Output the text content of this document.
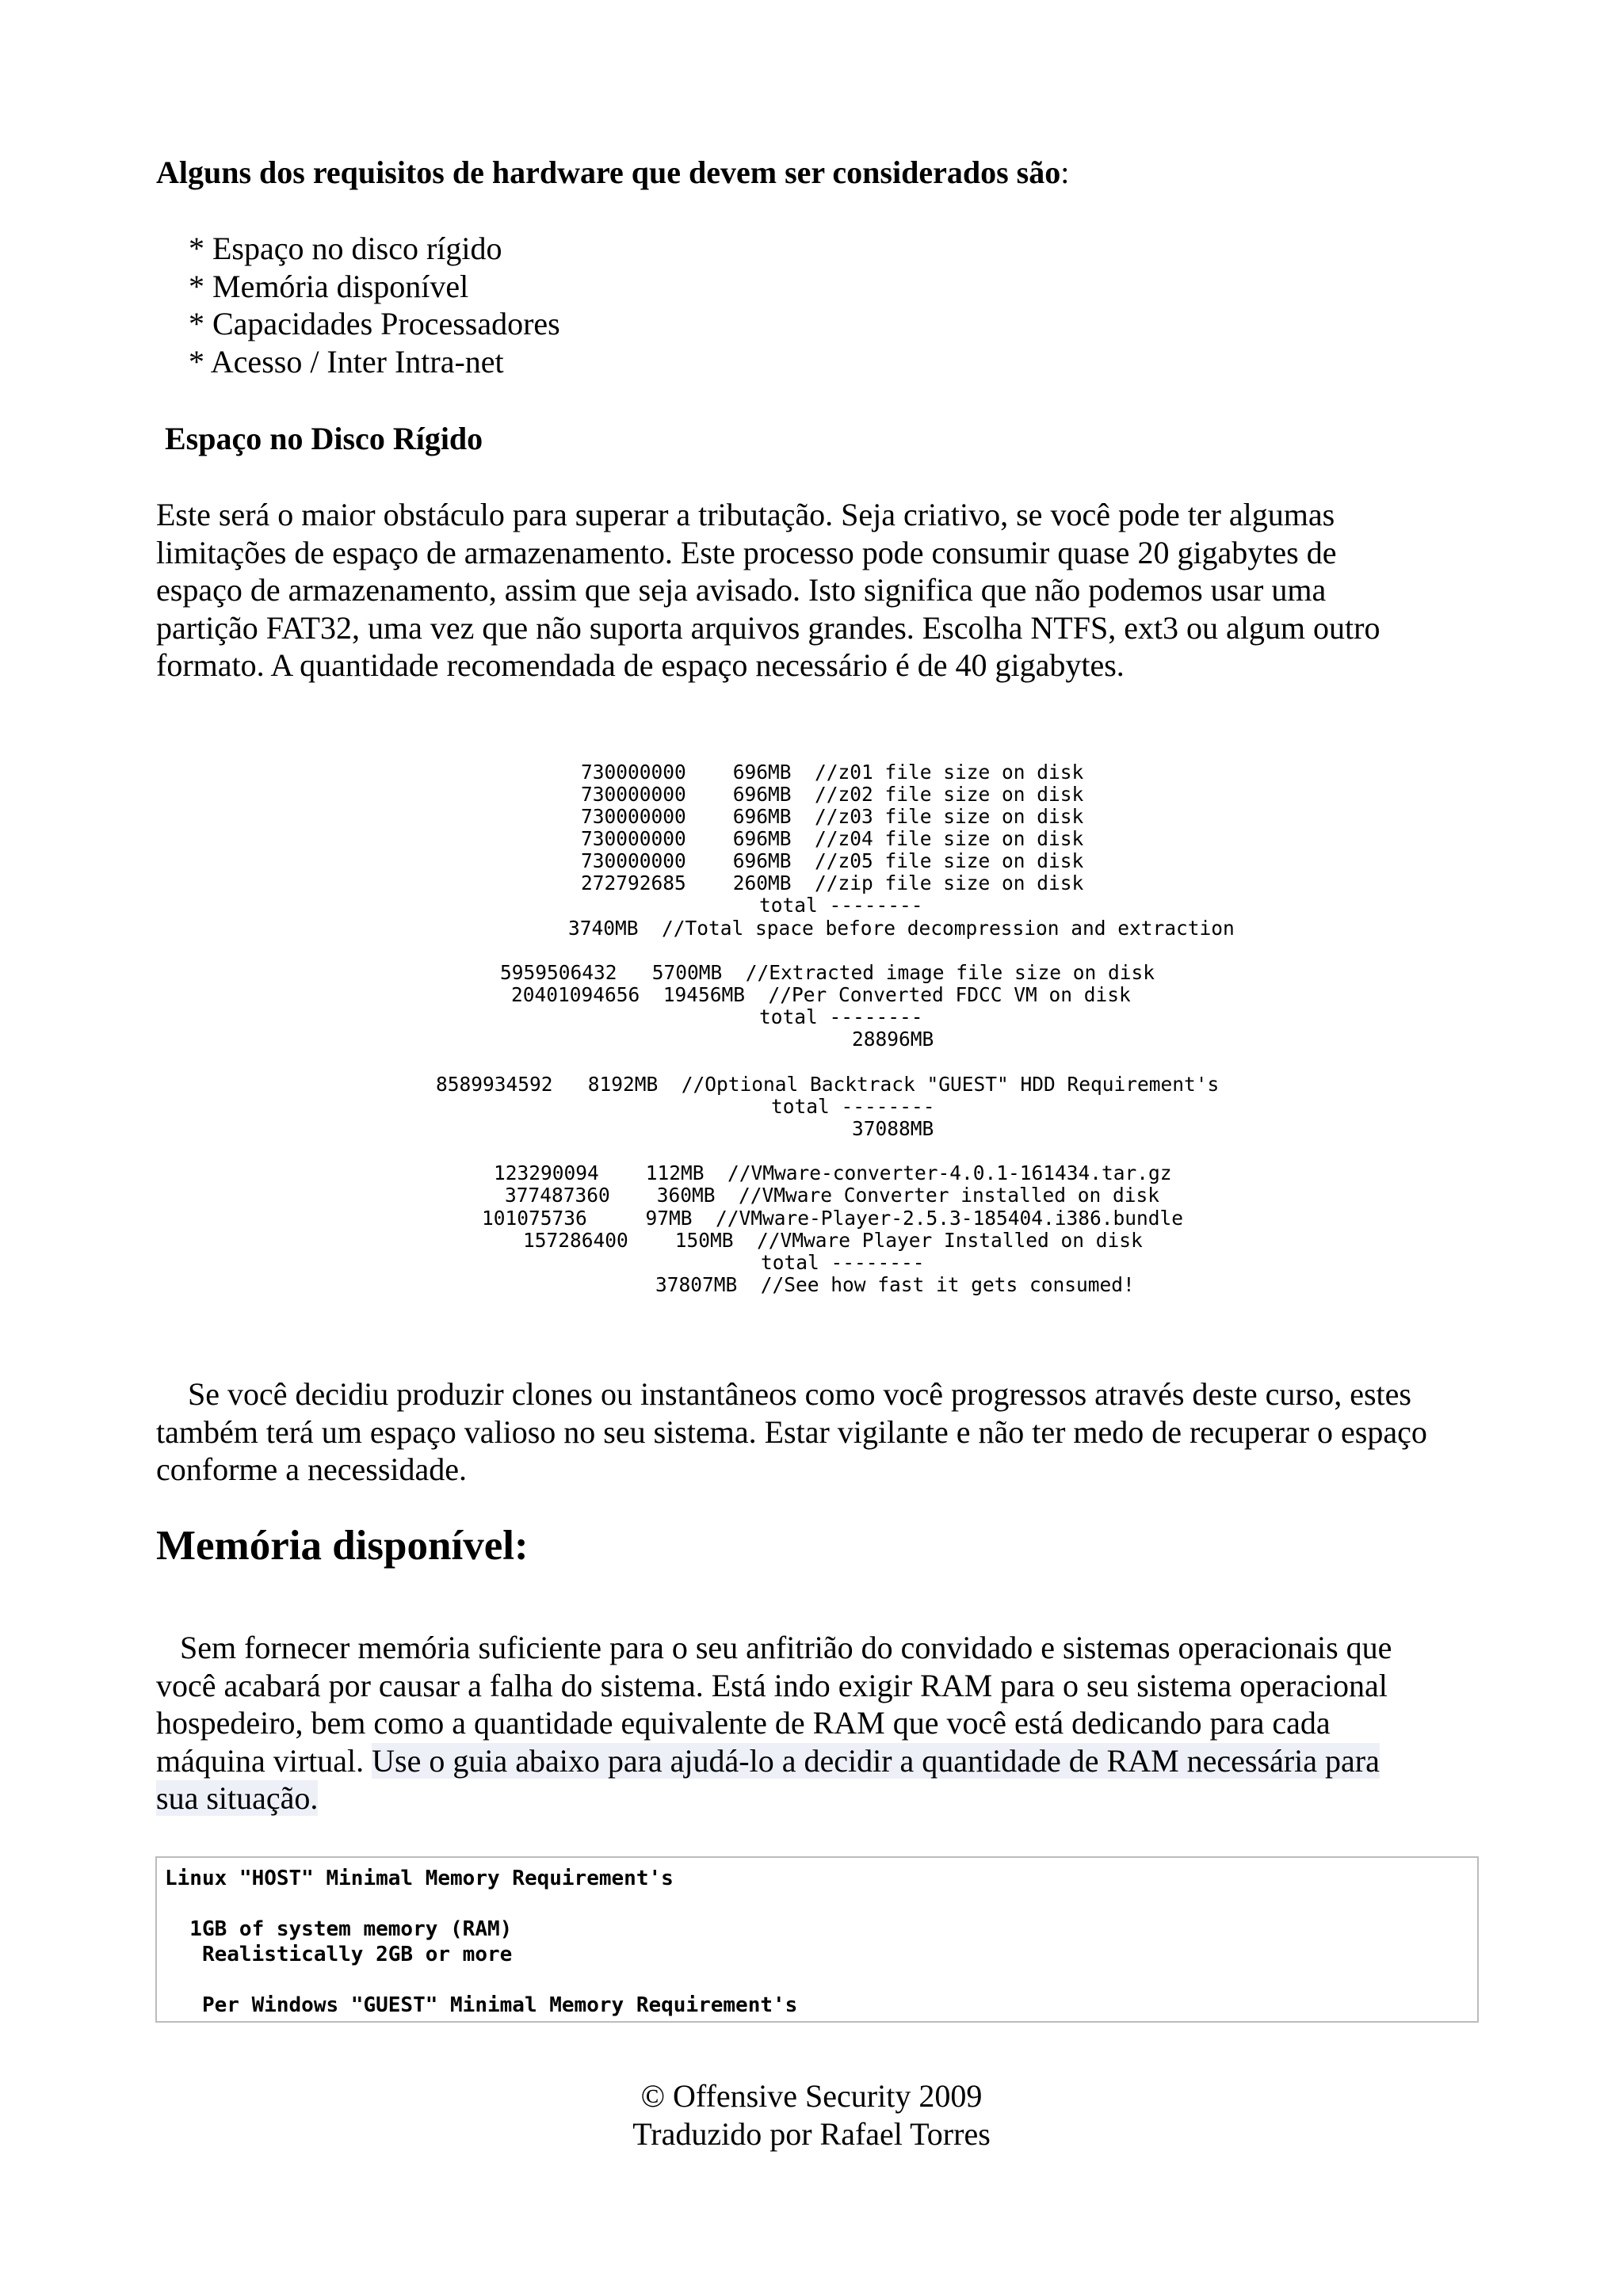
Alguns dos requisitos de hardware que devem ser considerados são:

* Espaço no disco rígido
* Memória disponível
* Capacidades Processadores
* Acesso / Inter Intra-net
Espaço no Disco Rígido
Este será o maior obstáculo para superar a tributação. Seja criativo, se você pode ter algumas
limitações de espaço de armazenamento. Este processo pode consumir quase 20 gigabytes de
espaço de armazenamento, assim que seja avisado. Isto significa que não podemos usar uma
partição FAT32, uma vez que não suporta arquivos grandes. Escolha NTFS, ext3 ou algum outro
formato. A quantidade recomendada de espaço necessário é de 40 gigabytes.

730000000    696MB  //z01 file size on disk

730000000    696MB  //z02 file size on disk

730000000    696MB  //z03 file size on disk

730000000    696MB  //z04 file size on disk

730000000    696MB  //z05 file size on disk

272792685    260MB  //zip file size on disk

total --------

3740MB  //Total space before decompression and extraction

5959506432   5700MB  //Extracted image file size on disk

20401094656  19456MB  //Per Converted FDCC VM on disk

total --------

28896MB

8589934592   8192MB  //Optional Backtrack "GUEST" HDD Requirement's

total --------

37088MB

123290094    112MB  //VMware-converter-4.0.1-161434.tar.gz

377487360    360MB  //VMware Converter installed on disk

101075736     97MB  //VMware-Player-2.5.3-185404.i386.bundle

157286400    150MB  //VMware Player Installed on disk

total --------

37807MB  //See how fast it gets consumed!

Se você decidiu produzir clones ou instantâneos como você progressos através deste curso, estes
também terá um espaço valioso no seu sistema. Estar vigilante e não ter medo de recuperar o espaço
conforme a necessidade.
Memória disponível:
Sem fornecer memória suficiente para o seu anfitrião do convidado e sistemas operacionais que
você acabará por causar a falha do sistema. Está indo exigir RAM para o seu sistema operacional
hospedeiro, bem como a quantidade equivalente de RAM que você está dedicando para cada
máquina virtual. Use o guia abaixo para ajudá-lo a decidir a quantidade de RAM necessária para
sua situação.

Linux "HOST" Minimal Memory Requirement's

1GB of system memory (RAM)

Realistically 2GB or more

Per Windows "GUEST" Minimal Memory Requirement's

© Offensive Security 2009
Traduzido por Rafael Torres
